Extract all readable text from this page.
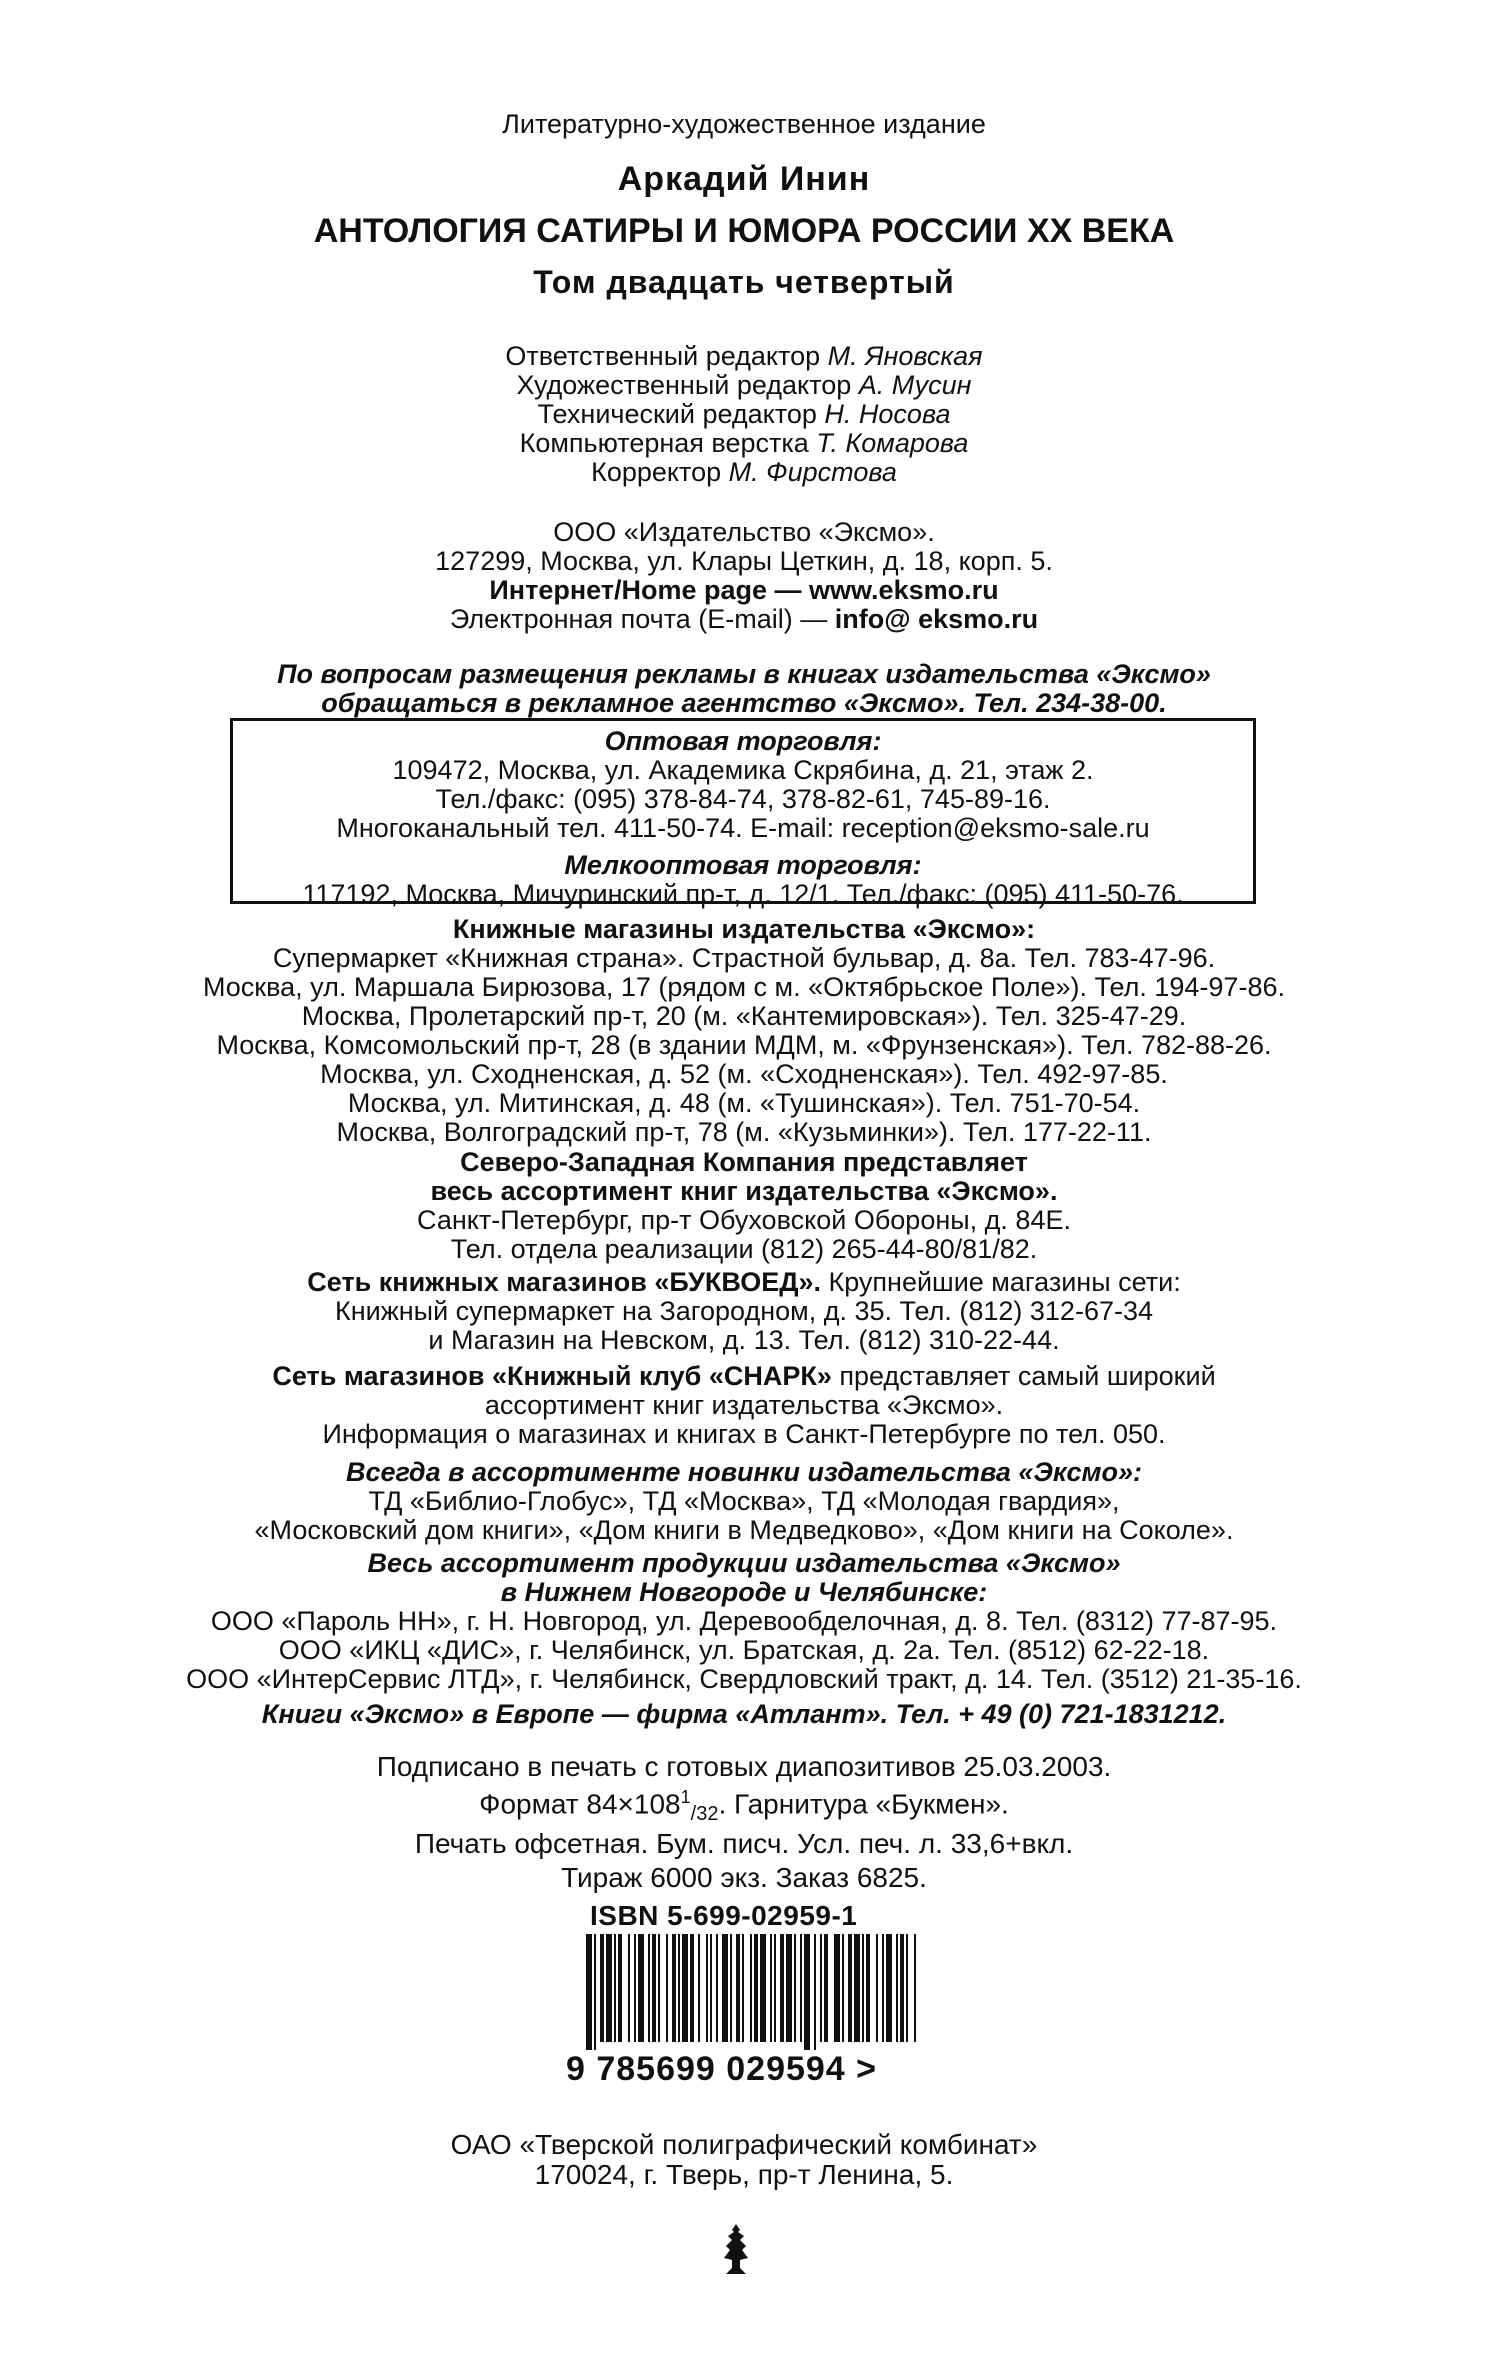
Литературно-художественное издание
Аркадий Инин
АНТОЛОГИЯ САТИРЫ И ЮМОРА РОССИИ XX ВЕКА
Том двадцать четвертый
Ответственный редактор М. Яновская
Художественный редактор А. Мусин
Технический редактор Н. Носова
Компьютерная верстка Т. Комарова
Корректор М. Фирстова
ООО «Издательство «Эксмо».
127299, Москва, ул. Клары Цеткин, д. 18, корп. 5.
Интернет/Home page — www.eksmo.ru
Электронная почта (E-mail) — info@ eksmo.ru
По вопросам размещения рекламы в книгах издательства «Эксмо»
обращаться в рекламное агентство «Эксмо». Тел. 234-38-00.
Оптовая торговля:
109472, Москва, ул. Академика Скрябина, д. 21, этаж 2.
Тел./факс: (095) 378-84-74, 378-82-61, 745-89-16.
Многоканальный тел. 411-50-74. E-mail: reception@eksmo-sale.ru
Мелкооптовая торговля:
117192, Москва, Мичуринский пр-т, д. 12/1. Тел./факс: (095) 411-50-76.
Книжные магазины издательства «Эксмо»:
Супермаркет «Книжная страна». Страстной бульвар, д. 8а. Тел. 783-47-96.
Москва, ул. Маршала Бирюзова, 17 (рядом с м. «Октябрьское Поле»). Тел. 194-97-86.
Москва, Пролетарский пр-т, 20 (м. «Кантемировская»). Тел. 325-47-29.
Москва, Комсомольский пр-т, 28 (в здании МДМ, м. «Фрунзенская»). Тел. 782-88-26.
Москва, ул. Сходненская, д. 52 (м. «Сходненская»). Тел. 492-97-85.
Москва, ул. Митинская, д. 48 (м. «Тушинская»). Тел. 751-70-54.
Москва, Волгоградский пр-т, 78 (м. «Кузьминки»). Тел. 177-22-11.
Северо-Западная Компания представляет
весь ассортимент книг издательства «Эксмо».
Санкт-Петербург, пр-т Обуховской Обороны, д. 84Е.
Тел. отдела реализации (812) 265-44-80/81/82.
Сеть книжных магазинов «БУКВОЕД». Крупнейшие магазины сети:
Книжный супермаркет на Загородном, д. 35. Тел. (812) 312-67-34
и Магазин на Невском, д. 13. Тел. (812) 310-22-44.
Сеть магазинов «Книжный клуб «СНАРК» представляет самый широкий
ассортимент книг издательства «Эксмо».
Информация о магазинах и книгах в Санкт-Петербурге по тел. 050.
Всегда в ассортименте новинки издательства «Эксмо»:
ТД «Библио-Глобус», ТД «Москва», ТД «Молодая гвардия»,
«Московский дом книги», «Дом книги в Медведково», «Дом книги на Соколе».
Весь ассортимент продукции издательства «Эксмо»
в Нижнем Новгороде и Челябинске:
ООО «Пароль НН», г. Н. Новгород, ул. Деревообделочная, д. 8. Тел. (8312) 77-87-95.
ООО «ИКЦ «ДИС», г. Челябинск, ул. Братская, д. 2а. Тел. (8512) 62-22-18.
ООО «ИнтерСервис ЛТД», г. Челябинск, Свердловский тракт, д. 14. Тел. (3512) 21-35-16.
Книги «Эксмо» в Европе — фирма «Атлант». Тел. + 49 (0) 721-1831212.
Подписано в печать с готовых диапозитивов 25.03.2003.
Формат $84\times 108^1_{/32}$. Гарнитура «Букмен».
Печать офсетная. Бум. писч. Усл. печ. л. 33,6+вкл.
Тираж 6000 экз. Заказ 6825.
ISBN 5-699-02959-1
9 785699 029594 >
ОАО «Тверской полиграфический комбинат»
170024, г. Тверь, пр-т Ленина, 5.
